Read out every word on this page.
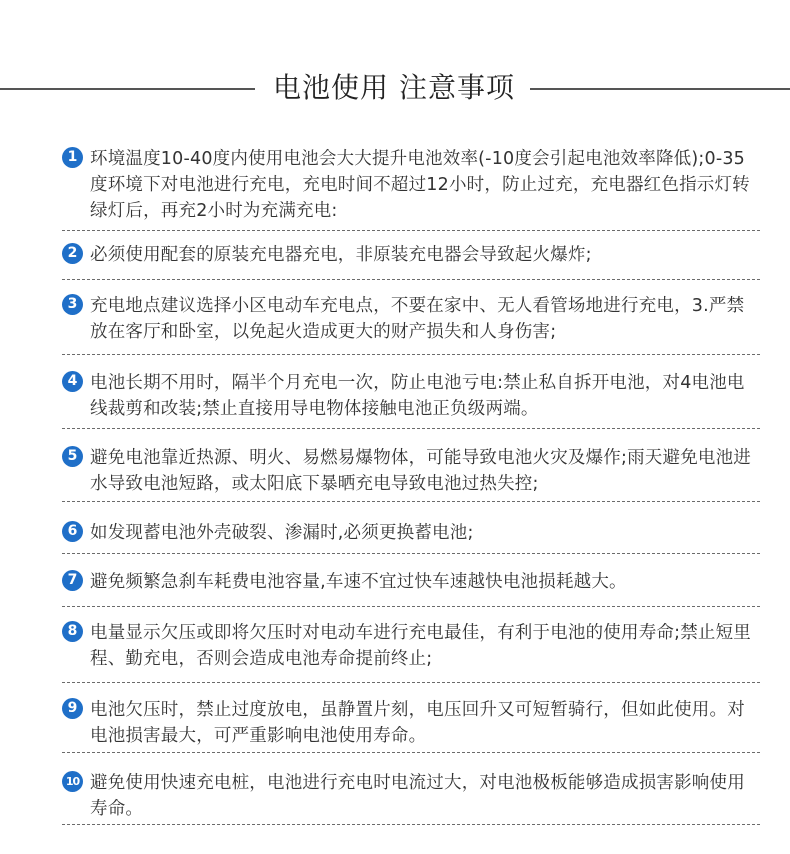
电池使用 注意事项
1 环境温度10-40度内使用电池会大大提升电池效率(-10度会引起电池效率降低);0-35度环境下对电池进行充电，充电时间不超过12小时，防止过充，充电器红色指示灯转绿灯后，再充2小时为充满充电:
2 必须使用配套的原装充电器充电，非原装充电器会导致起火爆炸;
3 充电地点建议选择小区电动车充电点，不要在家中、无人看管场地进行充电，3.严禁放在客厅和卧室，以免起火造成更大的财产损失和人身伤害;
4 电池长期不用时，隔半个月充电一次，防止电池亏电:禁止私自拆开电池，对4电池电线裁剪和改装;禁止直接用导电物体接触电池正负级两端。
5 避免电池靠近热源、明火、易燃易爆物体，可能导致电池火灾及爆作;雨天避免电池进水导致电池短路，或太阳底下暴晒充电导致电池过热失控;
6 如发现蓄电池外壳破裂、渗漏时,必须更换蓄电池;
7 避免频繁急刹车耗费电池容量,车速不宜过快车速越快电池损耗越大。
8 电量显示欠压或即将欠压时对电动车进行充电最佳，有利于电池的使用寿命;禁止短里程、勤充电，否则会造成电池寿命提前终止;
9 电池欠压时，禁止过度放电，虽静置片刻，电压回升又可短暂骑行，但如此使用。对电池损害最大，可严重影响电池使用寿命。
10 避免使用快速充电桩，电池进行充电时电流过大，对电池极板能够造成损害影响使用寿命。
